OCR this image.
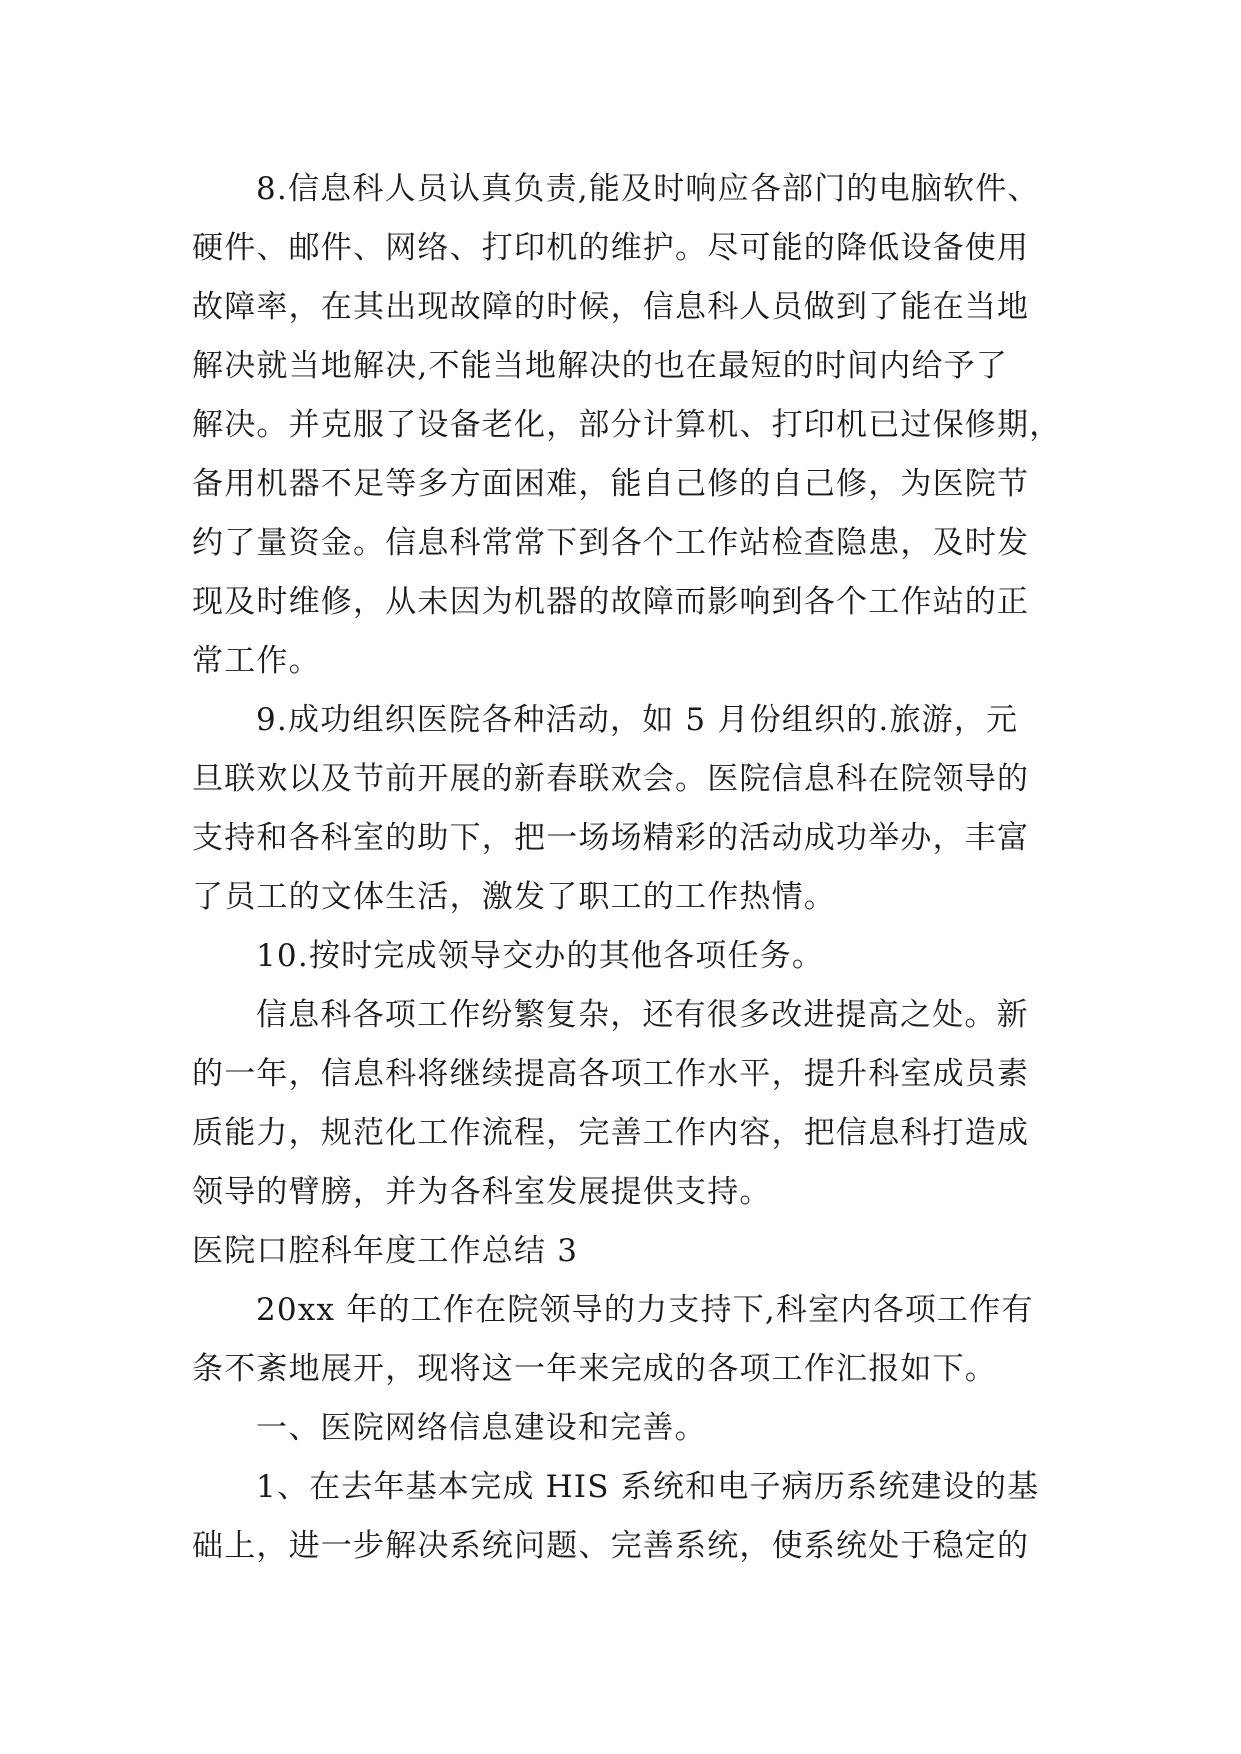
8.信息科人员认真负责,能及时响应各部门的电脑软件、
硬件、邮件、网络、打印机的维护。尽可能的降低设备使用
故障率，在其出现故障的时候，信息科人员做到了能在当地
解决就当地解决,不能当地解决的也在最短的时间内给予了
解决。并克服了设备老化，部分计算机、打印机已过保修期，
备用机器不足等多方面困难，能自己修的自己修，为医院节
约了量资金。信息科常常下到各个工作站检查隐患，及时发
现及时维修，从未因为机器的故障而影响到各个工作站的正
常工作。
9.成功组织医院各种活动，如 5 月份组织的.旅游，元
旦联欢以及节前开展的新春联欢会。医院信息科在院领导的
支持和各科室的助下，把一场场精彩的活动成功举办，丰富
了员工的文体生活，激发了职工的工作热情。
10.按时完成领导交办的其他各项任务。
信息科各项工作纷繁复杂，还有很多改进提高之处。新
的一年，信息科将继续提高各项工作水平，提升科室成员素
质能力，规范化工作流程，完善工作内容，把信息科打造成
领导的臂膀，并为各科室发展提供支持。
医院口腔科年度工作总结 3
20xx 年的工作在院领导的力支持下,科室内各项工作有
条不紊地展开，现将这一年来完成的各项工作汇报如下。
一、医院网络信息建设和完善。
1、在去年基本完成 HIS 系统和电子病历系统建设的基
础上，进一步解决系统问题、完善系统，使系统处于稳定的
